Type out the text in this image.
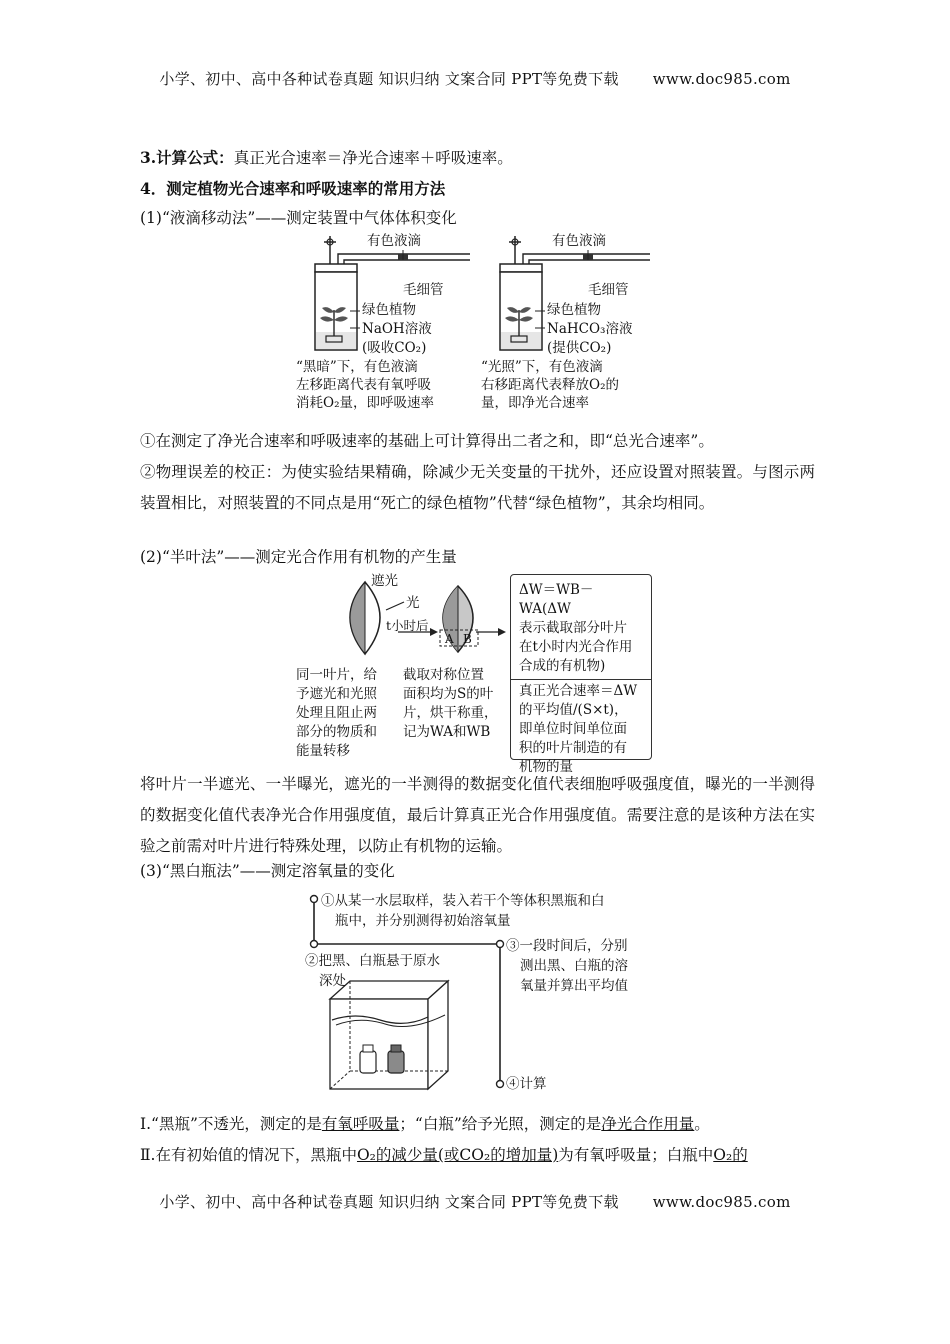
小学、初中、高中各种试卷真题 知识归纳 文案合同 PPT等免费下载 www.doc985.com
3.计算公式：真正光合速率＝净光合速率＋呼吸速率。
4．测定植物光合速率和呼吸速率的常用方法
(1)“液滴移动法”——测定装置中气体体积变化
有色液滴
毛细管
绿色植物
NaOH溶液
(吸收CO₂)
“黑暗”下，有色液滴
左移距离代表有氧呼吸
消耗O₂量，即呼吸速率
有色液滴
毛细管
绿色植物
NaHCO₃溶液
(提供CO₂)
“光照”下，有色液滴
右移距离代表释放O₂的
量，即净光合速率
①在测定了净光合速率和呼吸速率的基础上可计算得出二者之和，即“总光合速率”。
②物理误差的校正：为使实验结果精确，除减少无关变量的干扰外，还应设置对照装置。与图示两装置相比，对照装置的不同点是用“死亡的绿色植物”代替“绿色植物”，其余均相同。
(2)“半叶法”——测定光合作用有机物的产生量
遮光
光
t小时后
A B
同一叶片，给
予遮光和光照
处理且阻止两
部分的物质和
能量转移
截取对称位置
面积均为S的叶
片，烘干称重，
记为WA和WB
ΔW＝WB－WA(ΔW
表示截取部分叶片
在t小时内光合作用
合成的有机物)
真正光合速率＝ΔW
的平均值/(S×t)，
即单位时间单位面
积的叶片制造的有
机物的量
将叶片一半遮光、一半曝光，遮光的一半测得的数据变化值代表细胞呼吸强度值，曝光的一半测得的数据变化值代表净光合作用强度值，最后计算真正光合作用强度值。需要注意的是该种方法在实验之前需对叶片进行特殊处理，以防止有机物的运输。
(3)“黑白瓶法”——测定溶氧量的变化
①从某一水层取样，装入若干个等体积黑瓶和白
瓶中，并分别测得初始溶氧量
②把黑、白瓶悬于原水
深处
③一段时间后，分别
测出黑、白瓶的溶
氧量并算出平均值
④计算
Ⅰ.“黑瓶”不透光，测定的是有氧呼吸量；“白瓶”给予光照，测定的是净光合作用量。
Ⅱ.在有初始值的情况下，黑瓶中O₂的减少量(或CO₂的增加量)为有氧呼吸量；白瓶中O₂的
小学、初中、高中各种试卷真题 知识归纳 文案合同 PPT等免费下载 www.doc985.com
